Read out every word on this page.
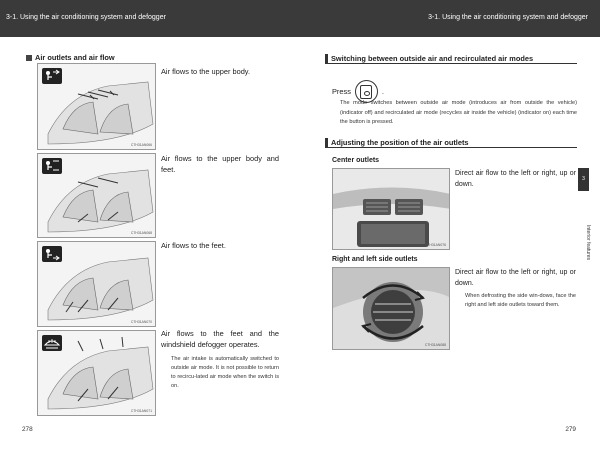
3-1. Using the air conditioning system and defogger	3-1. Using the air conditioning system and defogger
Air outlets and air flow
CTH31AN066
Air flows to the upper body.
CTH31AN068
Air flows to the upper body and feet.
CTH31AN070
Air flows to the feet.
CTH31AN071
Air flows to the feet and the windshield defogger operates.
The air intake is automatically switched to outside air mode. It is not possible to return to recircu-lated air mode when the switch is on.
Switching between outside air and recirculated air modes
Press	.
The mode switches between outside air mode (introduces air from outside the vehicle) (indicator off) and recirculated air mode (recycles air inside the vehicle) (indicator on) each time the button is pressed.
Adjusting the position of the air outlets
Center outlets
CTH31AN076
Direct air flow to the left or right, up or down.
Right and left side outlets
CTH31AN088
Direct air flow to the left or right, up or down.
When defrosting the side win-dows, face the right and left side outlets toward them.
3
Interior features
278	279
